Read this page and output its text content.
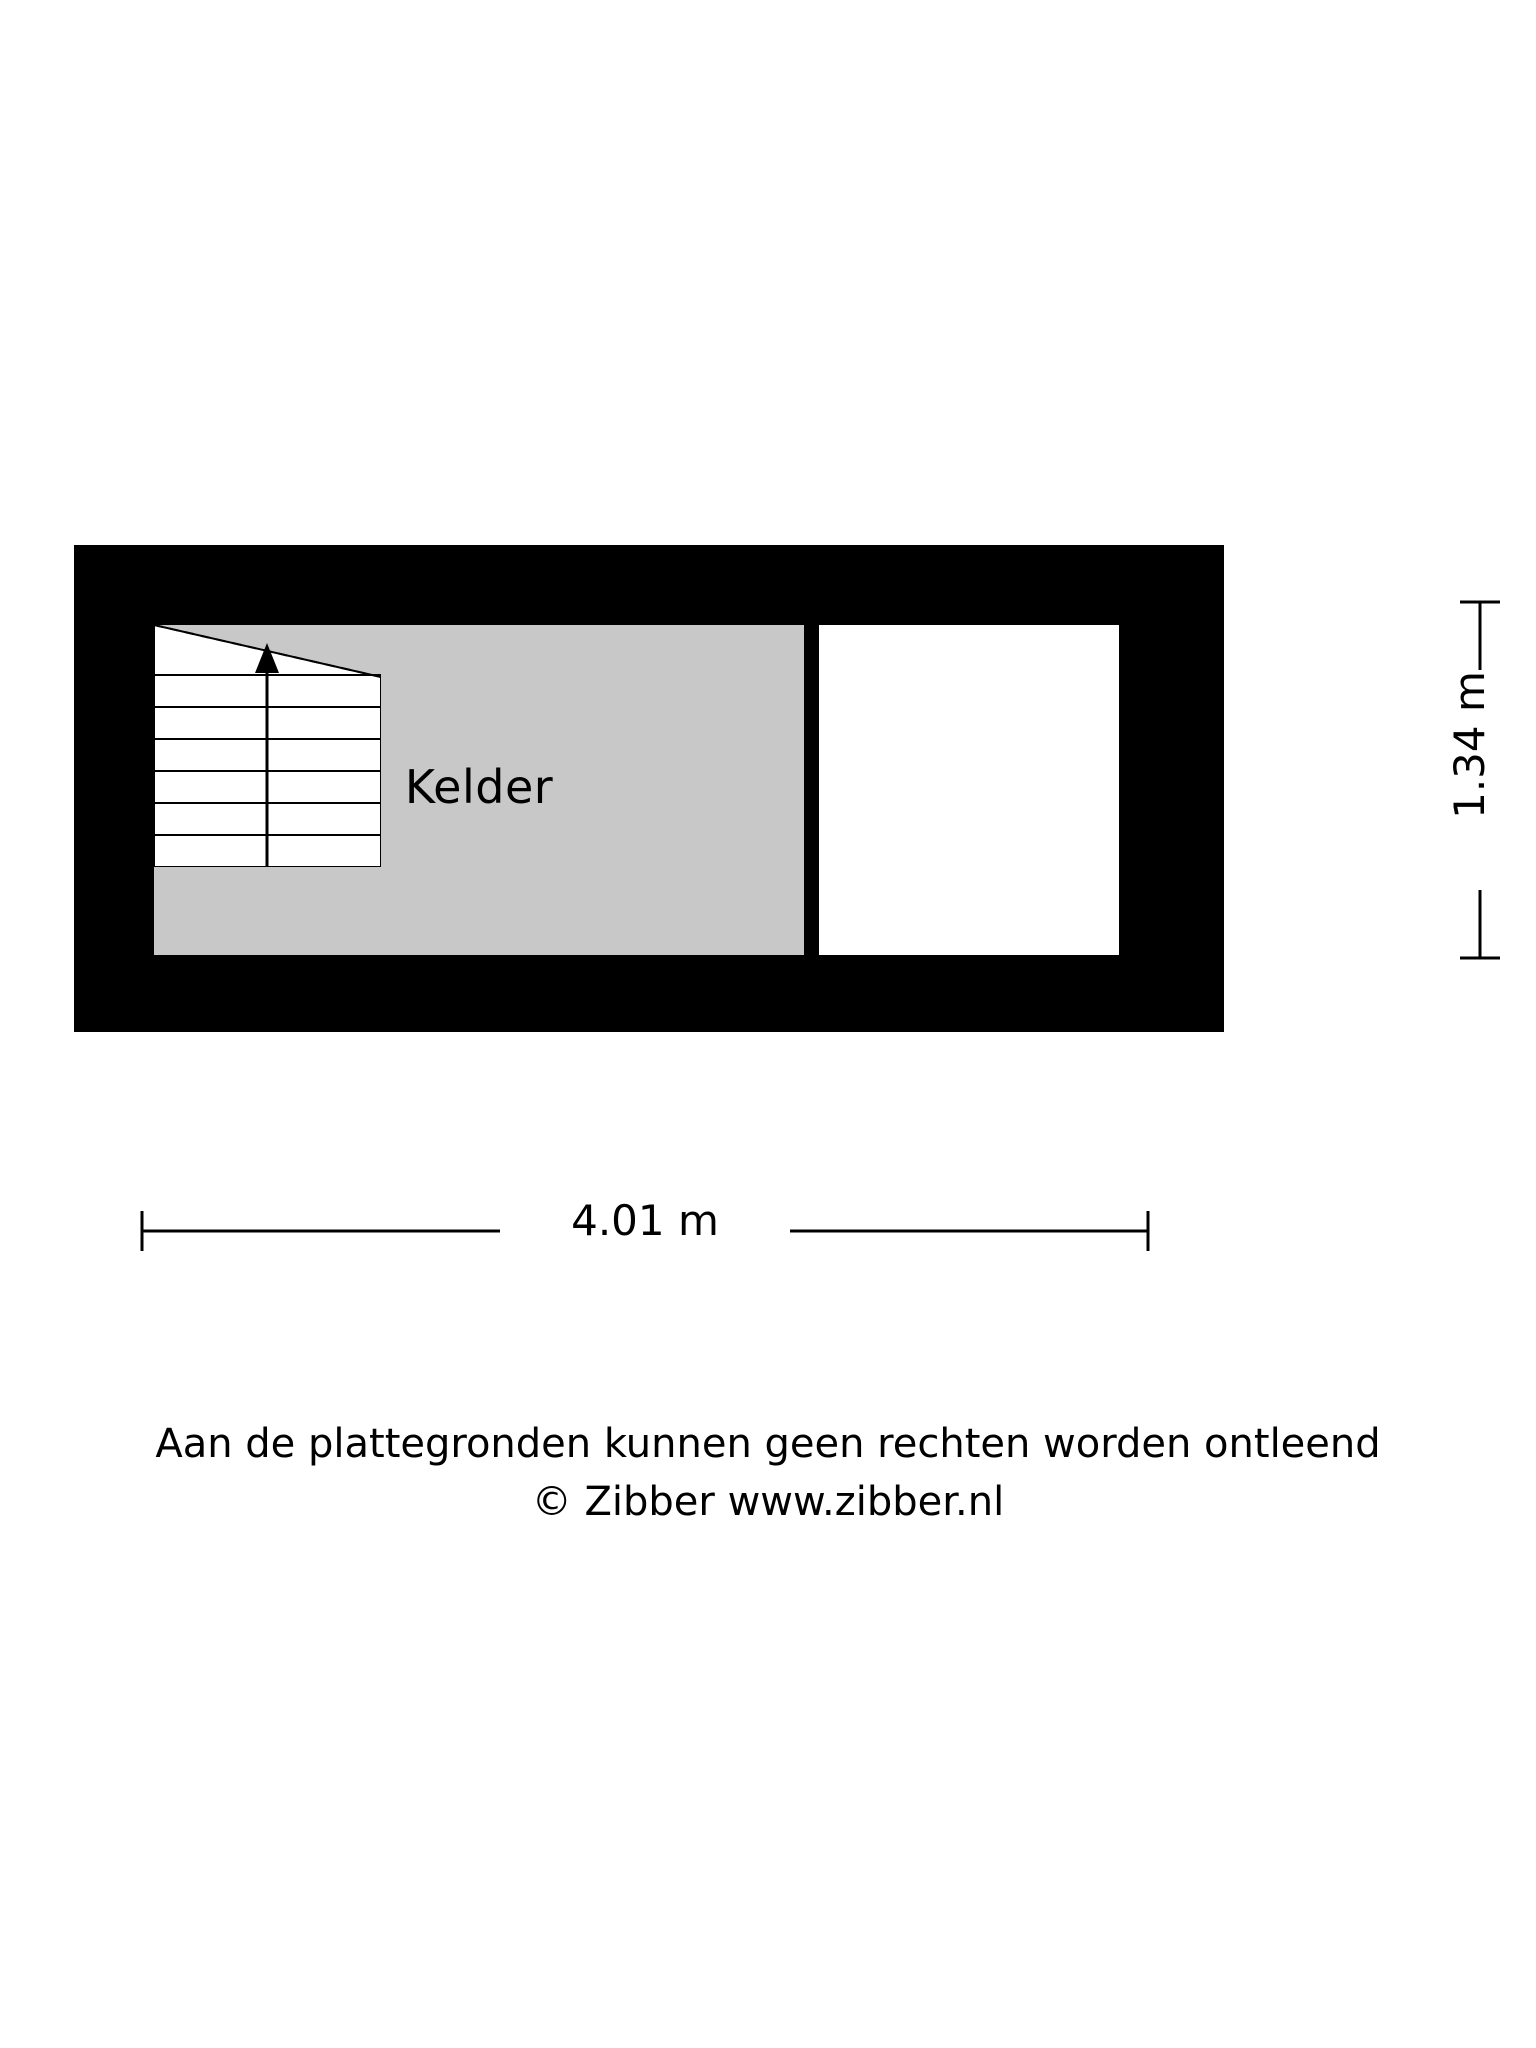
Kelder
4.01 m
1.34 m
Aan de plattegronden kunnen geen rechten worden ontleend
© Zibber www.zibber.nl
